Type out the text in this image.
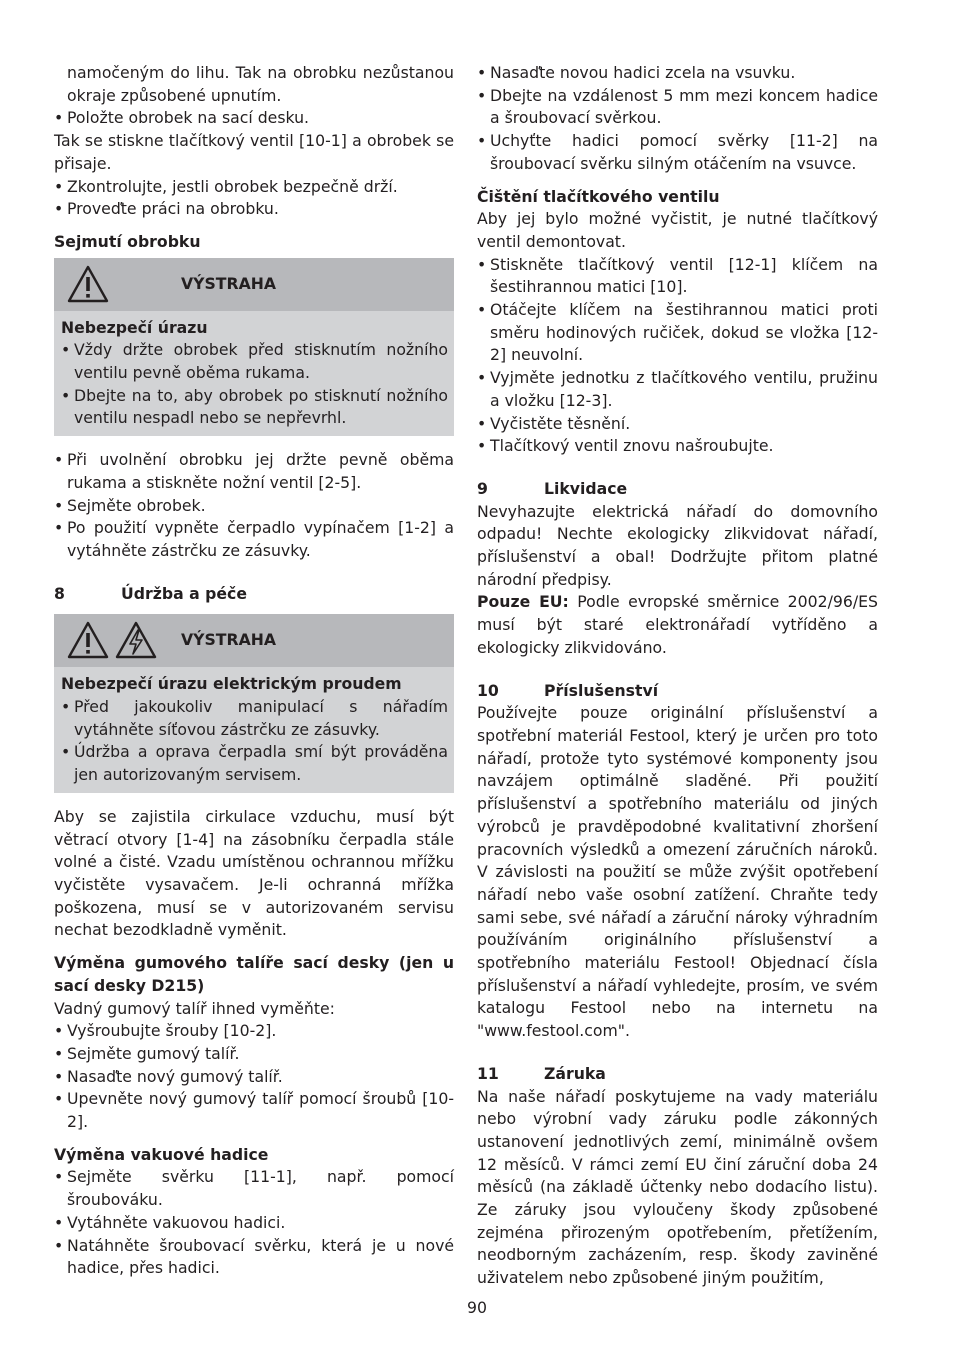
namočeným do lihu. Tak na obrobku nezůstanou okraje způsobené upnutím.

• Položte obrobek na sací desku.

Tak se stiskne tlačítkový ventil [10-1] a obrobek se přisaje.

• Zkontrolujte, jestli obrobek bezpečně drží.
• Proveďte práci na obrobku.

Sejmutí obrobku

VÝSTRAHA

Nebezpečí úrazu

• Vždy držte obrobek před stisknutím nožního ventilu pevně oběma rukama.
• Dbejte na to, aby obrobek po stisknutí nožního ventilu nespadl nebo se nepřevrhl.
• Při uvolnění obrobku jej držte pevně oběma rukama a stiskněte nožní ventil [2-5].
• Sejměte obrobek.
• Po použití vypněte čerpadlo vypínačem [1-2] a vytáhněte zástrčku ze zásuvky.

8	Údržba a péče

VÝSTRAHA

Nebezpečí úrazu elektrickým proudem

• Před jakoukoliv manipulací s nářadím vytáhněte síťovou zástrčku ze zásuvky.
• Údržba a oprava čerpadla smí být prováděna jen autorizovaným servisem.

Aby se zajistila cirkulace vzduchu, musí být větrací otvory [1-4] na zásobníku čerpadla stále volné a čisté. Vzadu umístěnou ochrannou mřížku vyčistěte vysavačem. Je-li ochranná mřížka poškozena, musí se v autorizovaném servisu nechat bezodkladně vyměnit.

Výměna gumového talíře sací desky (jen u sací desky D215)

Vadný gumový talíř ihned vyměňte:

• Vyšroubujte šrouby [10-2].
• Sejměte gumový talíř.
• Nasaďte nový gumový talíř.
• Upevněte nový gumový talíř pomocí šroubů [10-2].

Výměna vakuové hadice

• Sejměte svěrku [11-1], např. pomocí šroubováku.
• Vytáhněte vakuovou hadici.
• Natáhněte šroubovací svěrku, která je u nové hadice, přes hadici.
• Nasaďte novou hadici zcela na vsuvku.
• Dbejte na vzdálenost 5 mm mezi koncem hadice a šroubovací svěrkou.
• Uchyťte hadici pomocí svěrky [11-2] na šroubovací svěrku silným otáčením na vsuvce.

Čištění tlačítkového ventilu

Aby jej bylo možné vyčistit, je nutné tlačítkový ventil demontovat.

• Stiskněte tlačítkový ventil [12-1] klíčem na šestihrannou matici [10].
• Otáčejte klíčem na šestihrannou matici proti směru hodinových ručiček, dokud se vložka [12-2] neuvolní.
• Vyjměte jednotku z tlačítkového ventilu, pružinu a vložku [12-3].
• Vyčistěte těsnění.
• Tlačítkový ventil znovu našroubujte.

9	Likvidace

Nevyhazujte elektrická nářadí do domovního odpadu! Nechte ekologicky zlikvidovat nářadí, příslušenství a obal! Dodržujte přitom platné národní předpisy.

Pouze EU: Podle evropské směrnice 2002/96/ES musí být staré elektronářadí vytříděno a ekologicky zlikvidováno.

10	Příslušenství

Používejte pouze originální příslušenství a spotřební materiál Festool, který je určen pro toto nářadí, protože tyto systémové komponenty jsou navzájem optimálně sladěné. Při použití příslušenství a spotřebního materiálu od jiných výrobců je pravděpodobné kvalitativní zhoršení pracovních výsledků a omezení záručních nároků. V závislosti na použití se může zvýšit opotřebení nářadí nebo vaše osobní zatížení. Chraňte tedy sami sebe, své nářadí a záruční nároky výhradním používáním originálního příslušenství a spotřebního materiálu Festool! Objednací čísla příslušenství a nářadí vyhledejte, prosím, ve svém katalogu Festool nebo na internetu na "www.festool.com".

11	Záruka

Na naše nářadí poskytujeme na vady materiálu nebo výrobní vady záruku podle zákonných ustanovení jednotlivých zemí, minimálně ovšem 12 měsíců. V rámci zemí EU činí záruční doba 24 měsíců (na základě účtenky nebo dodacího listu). Ze záruky jsou vyloučeny škody způsobené zejména přirozeným opotřebením, přetížením, neodborným zacházením, resp. škody zaviněné uživatelem nebo způsobené jiným použitím,

90
